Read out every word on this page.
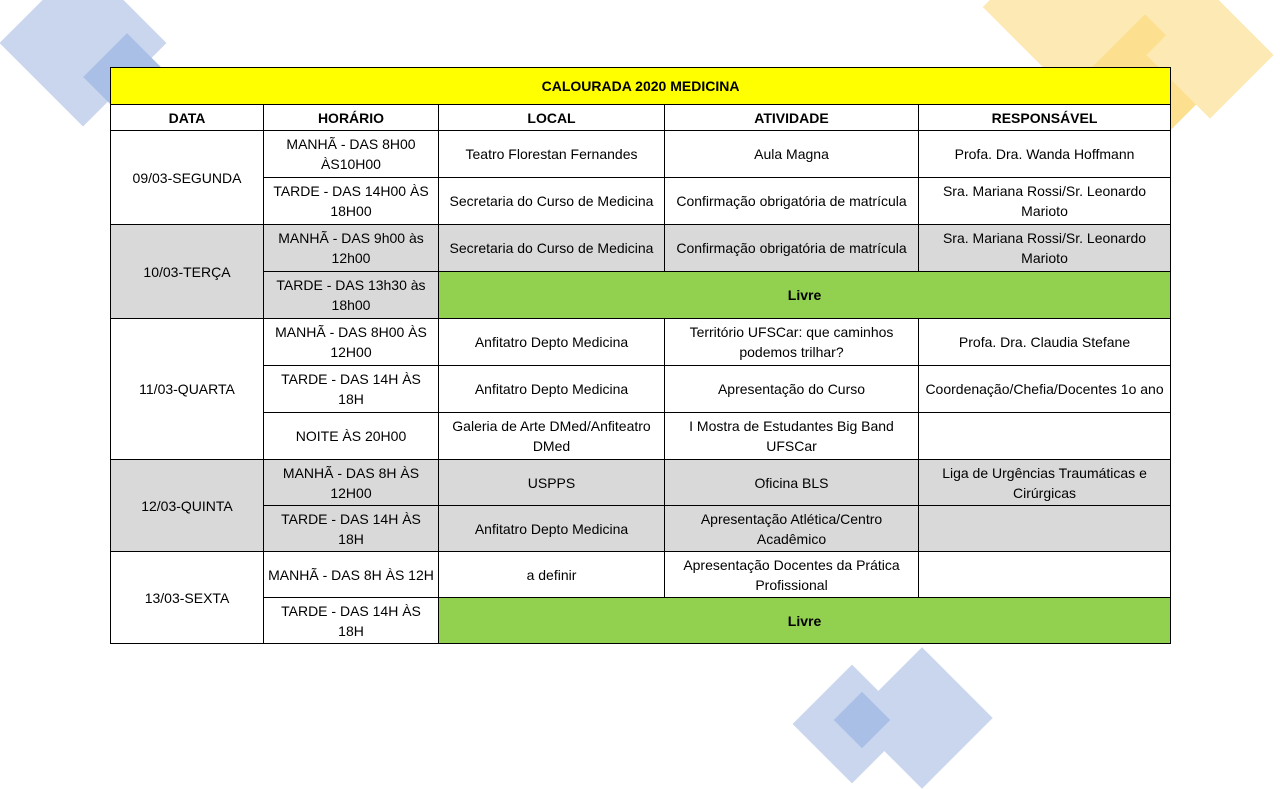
CALOURADA 2020 MEDICINA				
DATA	HORÁRIO	LOCAL	ATIVIDADE	RESPONSÁVEL
09/03-SEGUNDA	MANHÃ - DAS 8H00 ÀS10H00	Teatro Florestan Fernandes	Aula Magna	Profa. Dra. Wanda Hoffmann
	TARDE - DAS 14H00 ÀS 18H00	Secretaria do Curso de Medicina	Confirmação obrigatória de matrícula	Sra. Mariana Rossi/Sr. Leonardo Marioto
10/03-TERÇA	MANHÃ - DAS 9h00 às 12h00	Secretaria do Curso de Medicina	Confirmação obrigatória de matrícula	Sra. Mariana Rossi/Sr. Leonardo Marioto
	TARDE - DAS 13h30 às 18h00	Livre		
11/03-QUARTA	MANHÃ - DAS 8H00 ÀS 12H00	Anfitatro Depto Medicina	Território UFSCar: que caminhos podemos trilhar?	Profa. Dra. Claudia Stefane
	TARDE - DAS 14H ÀS 18H	Anfitatro Depto Medicina	Apresentação do Curso	Coordenação/Chefia/Docentes 1o ano
	NOITE ÀS 20H00	Galeria de Arte DMed/Anfiteatro DMed	I Mostra de Estudantes Big Band UFSCar	
12/03-QUINTA	MANHÃ - DAS 8H ÀS 12H00	USPPS	Oficina BLS	Liga de Urgências Traumáticas e Cirúrgicas
	TARDE - DAS 14H ÀS 18H	Anfitatro Depto Medicina	Apresentação Atlética/Centro Acadêmico	
13/03-SEXTA	MANHÃ - DAS 8H ÀS 12H	a definir	Apresentação Docentes da Prática Profissional	
	TARDE - DAS 14H ÀS 18H	Livre		
